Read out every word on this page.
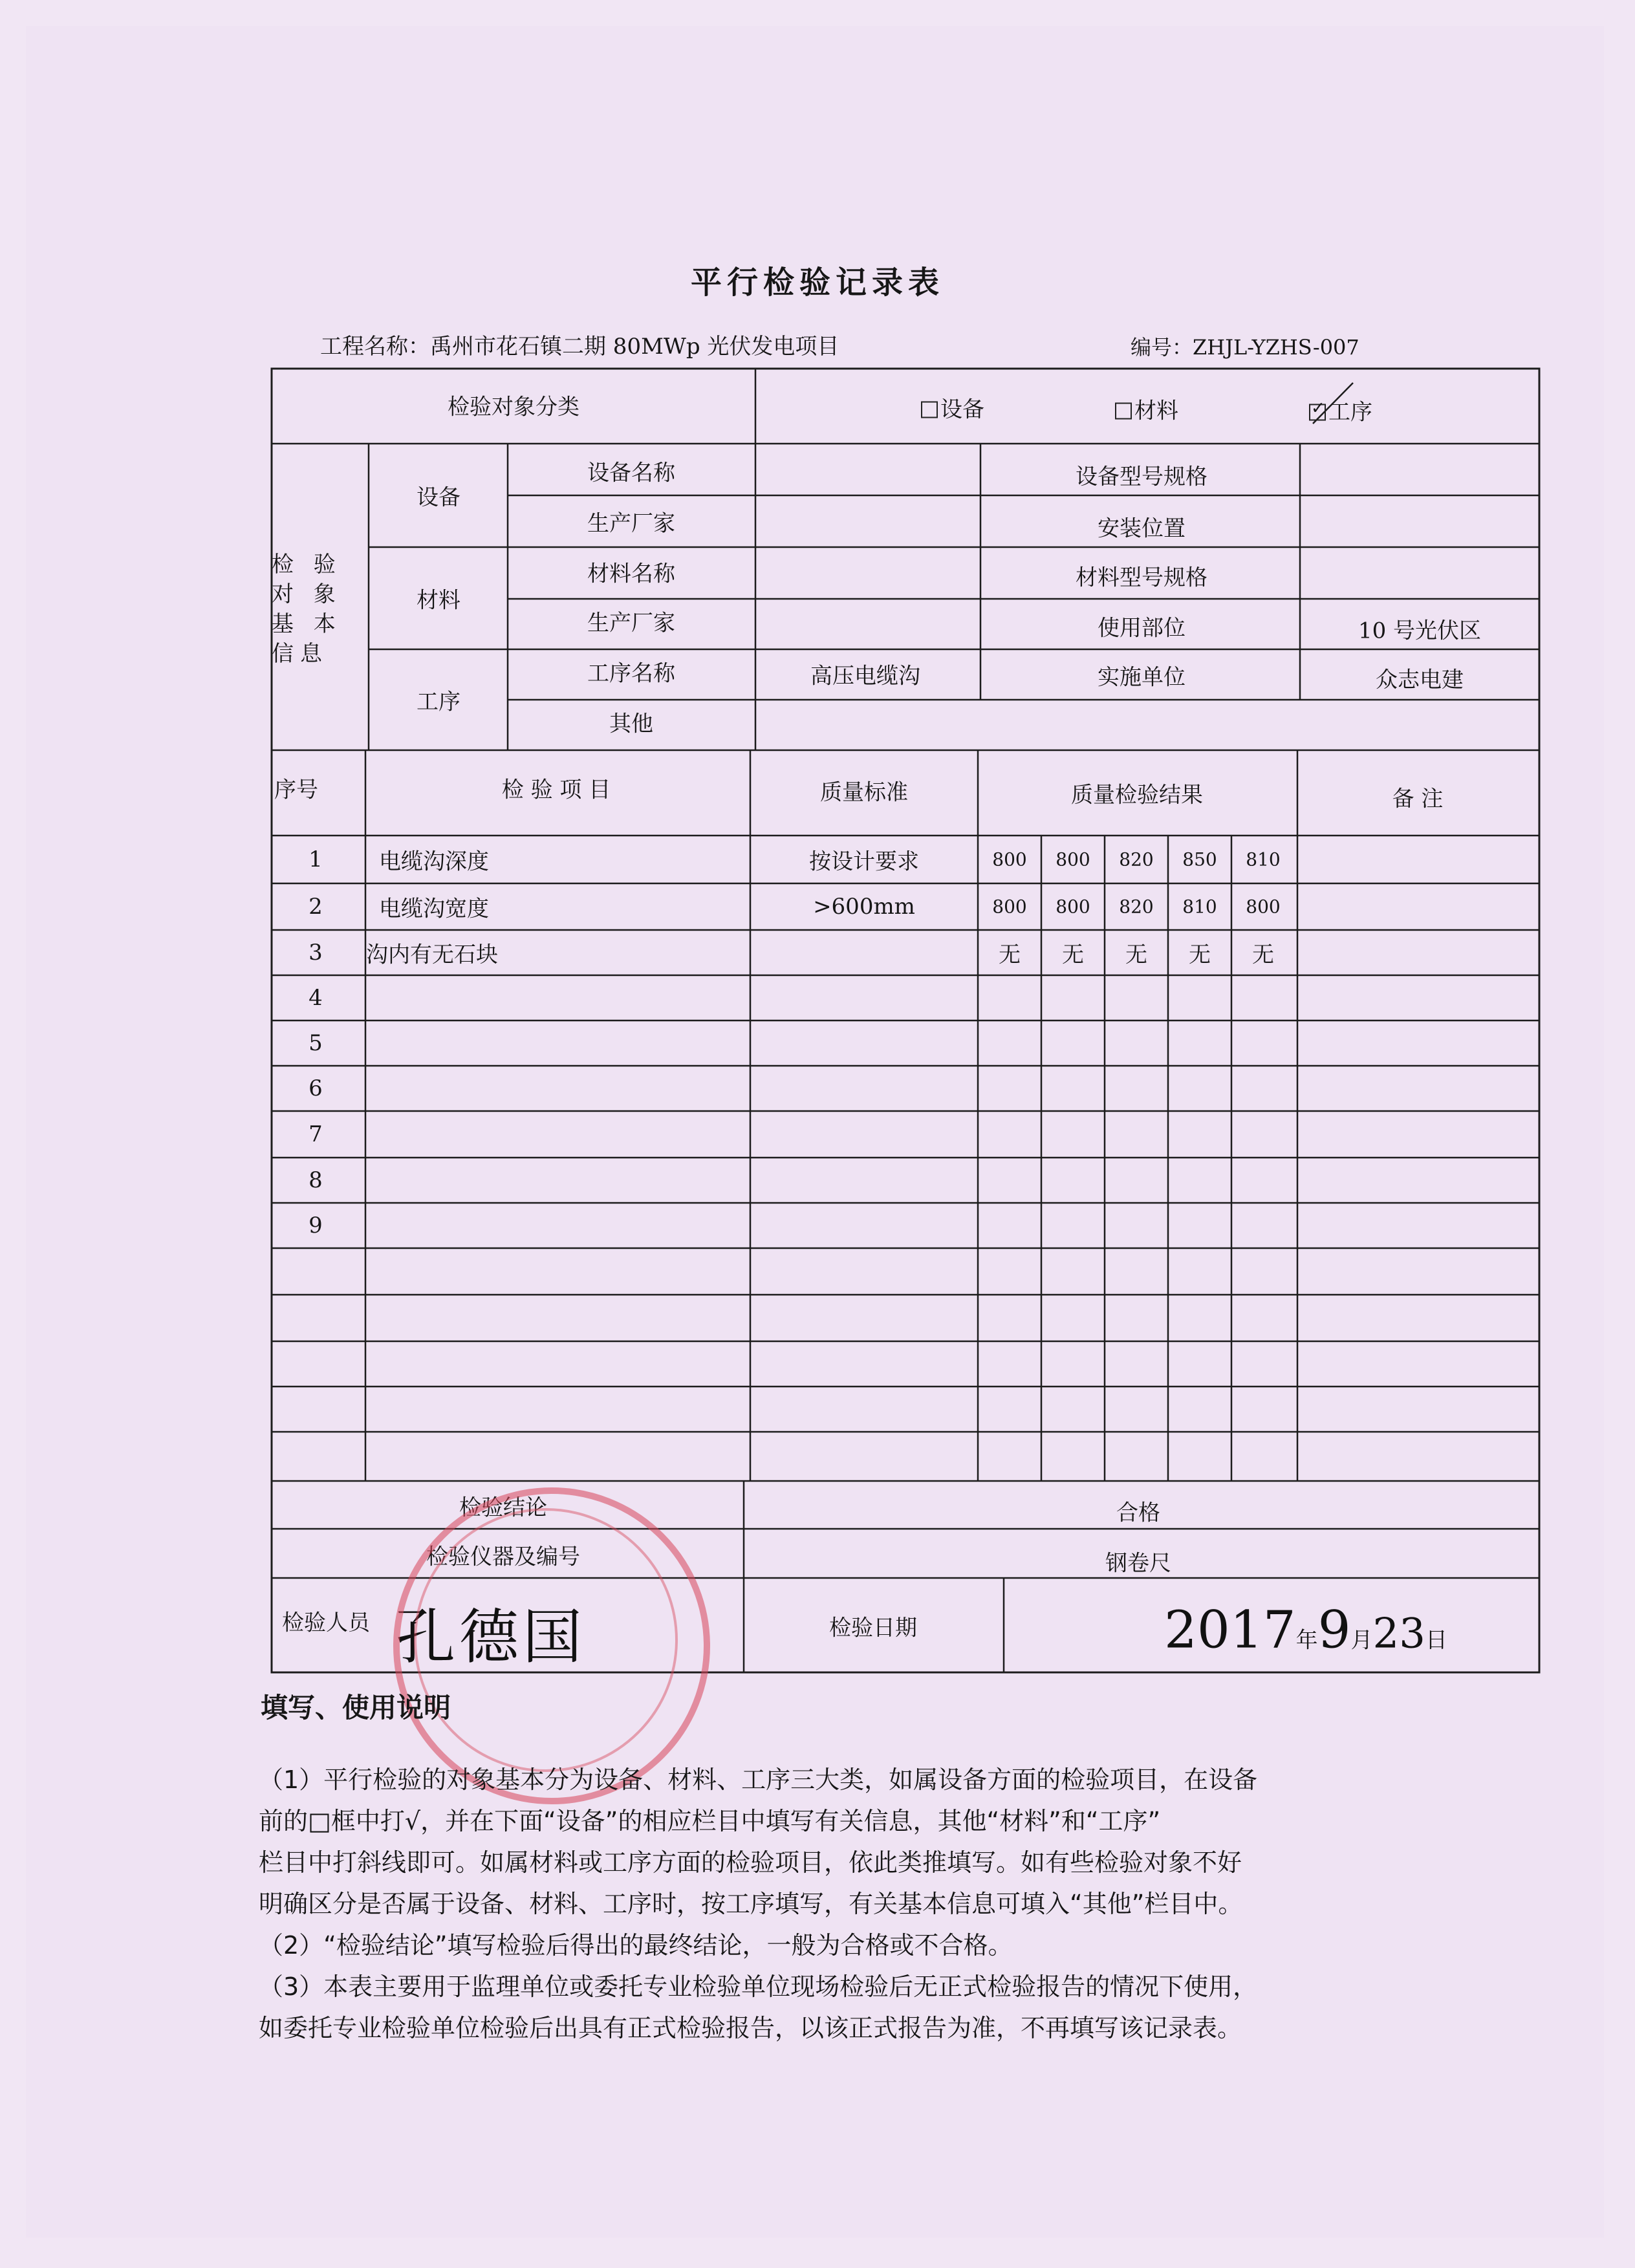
平行检验记录表
工程名称：禹州市花石镇二期 80MWp 光伏发电项目	编号：ZHJL-YZHS-007
检验对象分类	设备	材料
✓	工序
检 验 对 象 基 本 信息
设备
材料
工序
设备名称	设备型号规格
生产厂家	安装位置
材料名称	材料型号规格
生产厂家	使用部位	10 号光伏区
工序名称	高压电缆沟	实施单位	众志电建
其他
序号	检 验 项 目	质量标准	质量检验结果	备 注
1	电缆沟深度	按设计要求	800 800 820 850 810
2	电缆沟宽度	>600mm	800 800 820 810 800
3 沟内有无石块	无 无 无 无 无
4
5
6
7
8
9
检验结论	合格
检验仪器及编号	钢卷尺
检验人员 孔德国	检验日期	2017年9月23日
填写、使用说明
（1）平行检验的对象基本分为设备、材料、工序三大类，如属设备方面的检验项目，在设备
前的□框中打√，并在下面“设备”的相应栏目中填写有关信息，其他“材料”和“工序”
栏目中打斜线即可。如属材料或工序方面的检验项目，依此类推填写。如有些检验对象不好
明确区分是否属于设备、材料、工序时，按工序填写，有关基本信息可填入“其他”栏目中。
（2）“检验结论”填写检验后得出的最终结论，一般为合格或不合格。
（3）本表主要用于监理单位或委托专业检验单位现场检验后无正式检验报告的情况下使用，
如委托专业检验单位检验后出具有正式检验报告，以该正式报告为准，不再填写该记录表。
